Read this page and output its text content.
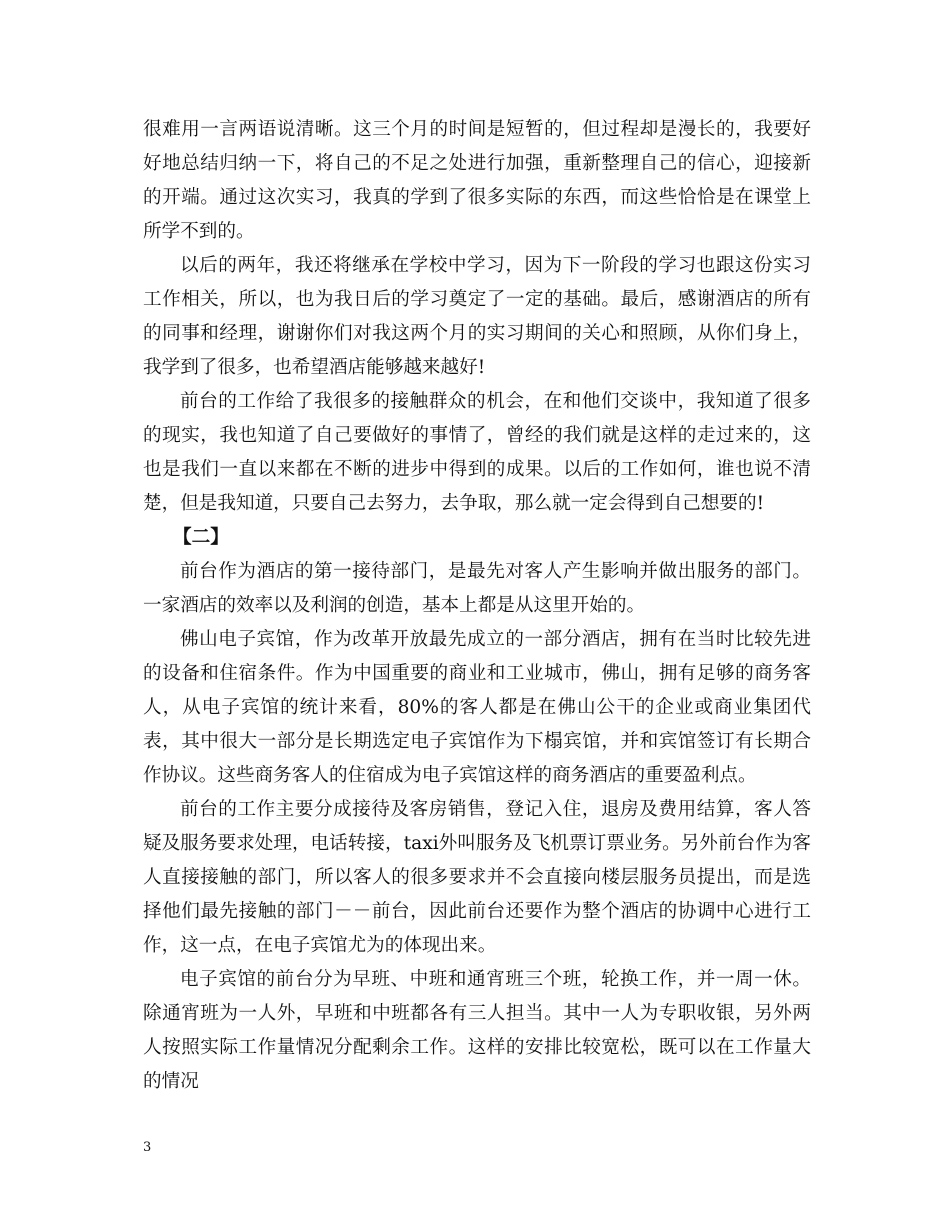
很难用一言两语说清晰。这三个月的时间是短暂的，但过程却是漫长的，我要好好地总结归纳一下，将自己的不足之处进行加强，重新整理自己的信心，迎接新的开端。通过这次实习，我真的学到了很多实际的东西，而这些恰恰是在课堂上所学不到的。

以后的两年，我还将继承在学校中学习，因为下一阶段的学习也跟这份实习工作相关，所以，也为我日后的学习奠定了一定的基础。最后，感谢酒店的所有的同事和经理，谢谢你们对我这两个月的实习期间的关心和照顾，从你们身上，我学到了很多，也希望酒店能够越来越好!

前台的工作给了我很多的接触群众的机会，在和他们交谈中，我知道了很多的现实，我也知道了自己要做好的事情了，曾经的我们就是这样的走过来的，这也是我们一直以来都在不断的进步中得到的成果。以后的工作如何，谁也说不清楚，但是我知道，只要自己去努力，去争取，那么就一定会得到自己想要的!

【二】

前台作为酒店的第一接待部门，是最先对客人产生影响并做出服务的部门。一家酒店的效率以及利润的创造，基本上都是从这里开始的。

佛山电子宾馆，作为改革开放最先成立的一部分酒店，拥有在当时比较先进的设备和住宿条件。作为中国重要的商业和工业城市，佛山，拥有足够的商务客人，从电子宾馆的统计来看，80%的客人都是在佛山公干的企业或商业集团代表，其中很大一部分是长期选定电子宾馆作为下榻宾馆，并和宾馆签订有长期合作协议。这些商务客人的住宿成为电子宾馆这样的商务酒店的重要盈利点。

前台的工作主要分成接待及客房销售，登记入住，退房及费用结算，客人答疑及服务要求处理，电话转接，taxi外叫服务及飞机票订票业务。另外前台作为客人直接接触的部门，所以客人的很多要求并不会直接向楼层服务员提出，而是选择他们最先接触的部门－－前台，因此前台还要作为整个酒店的协调中心进行工作，这一点，在电子宾馆尤为的体现出来。

电子宾馆的前台分为早班、中班和通宵班三个班，轮换工作，并一周一休。除通宵班为一人外，早班和中班都各有三人担当。其中一人为专职收银，另外两人按照实际工作量情况分配剩余工作。这样的安排比较宽松，既可以在工作量大的情况

3
